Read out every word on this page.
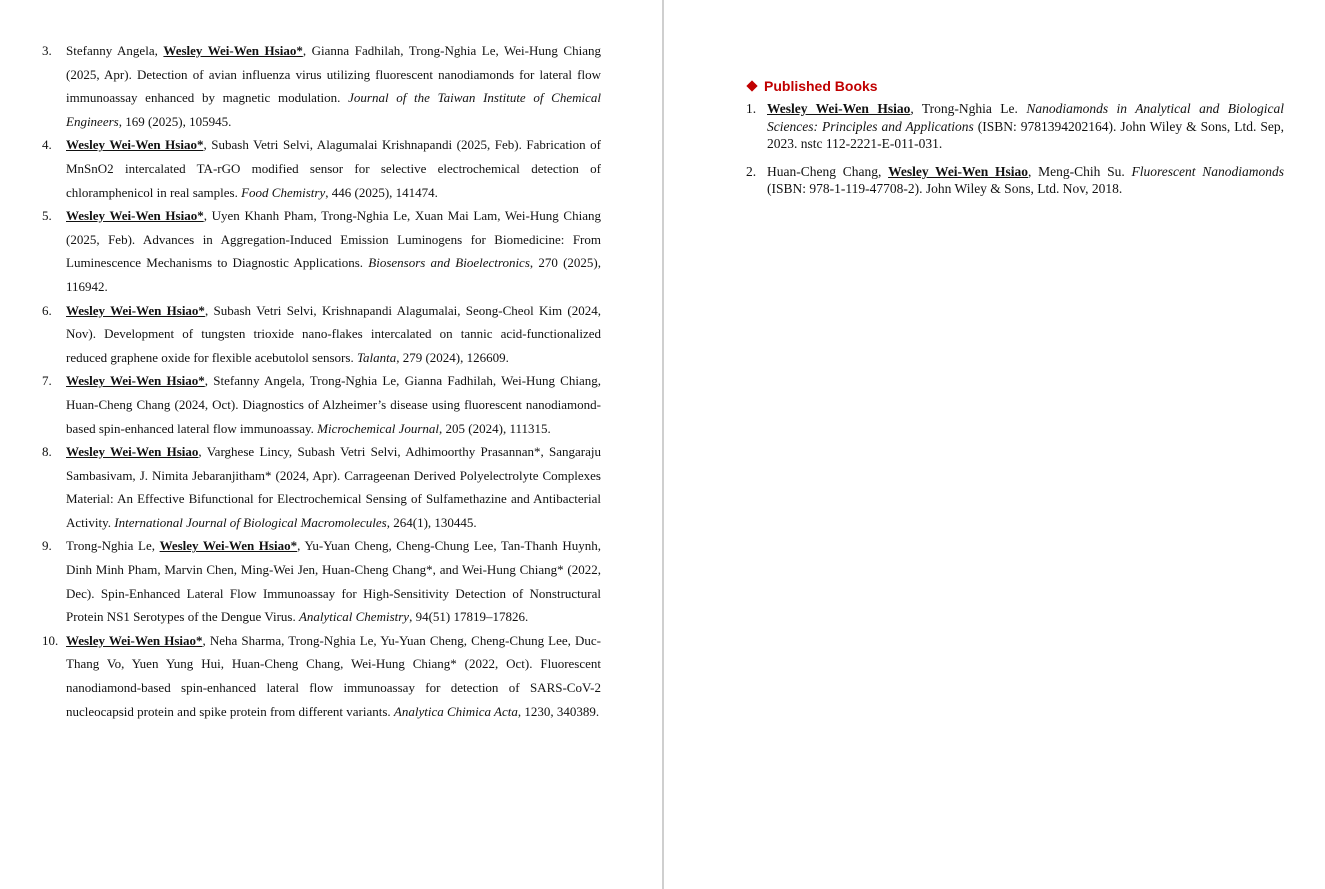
3. Stefanny Angela, Wesley Wei-Wen Hsiao*, Gianna Fadhilah, Trong-Nghia Le, Wei-Hung Chiang (2025, Apr). Detection of avian influenza virus utilizing fluorescent nanodiamonds for lateral flow immunoassay enhanced by magnetic modulation. Journal of the Taiwan Institute of Chemical Engineers, 169 (2025), 105945.
4. Wesley Wei-Wen Hsiao*, Subash Vetri Selvi, Alagumalai Krishnapandi (2025, Feb). Fabrication of MnSnO2 intercalated TA-rGO modified sensor for selective electrochemical detection of chloramphenicol in real samples. Food Chemistry, 446 (2025), 141474.
5. Wesley Wei-Wen Hsiao*, Uyen Khanh Pham, Trong-Nghia Le, Xuan Mai Lam, Wei-Hung Chiang (2025, Feb). Advances in Aggregation-Induced Emission Luminogens for Biomedicine: From Luminescence Mechanisms to Diagnostic Applications. Biosensors and Bioelectronics, 270 (2025), 116942.
6. Wesley Wei-Wen Hsiao*, Subash Vetri Selvi, Krishnapandi Alagumalai, Seong-Cheol Kim (2024, Nov). Development of tungsten trioxide nano-flakes intercalated on tannic acid-functionalized reduced graphene oxide for flexible acebutolol sensors. Talanta, 279 (2024), 126609.
7. Wesley Wei-Wen Hsiao*, Stefanny Angela, Trong-Nghia Le, Gianna Fadhilah, Wei-Hung Chiang, Huan-Cheng Chang (2024, Oct). Diagnostics of Alzheimer’s disease using fluorescent nanodiamond-based spin-enhanced lateral flow immunoassay. Microchemical Journal, 205 (2024), 111315.
8. Wesley Wei-Wen Hsiao, Varghese Lincy, Subash Vetri Selvi, Adhimoorthy Prasannan*, Sangaraju Sambasivam, J. Nimita Jebaranjitham* (2024, Apr). Carrageenan Derived Polyelectrolyte Complexes Material: An Effective Bifunctional for Electrochemical Sensing of Sulfamethazine and Antibacterial Activity. International Journal of Biological Macromolecules, 264(1), 130445.
9. Trong-Nghia Le, Wesley Wei-Wen Hsiao*, Yu-Yuan Cheng, Cheng-Chung Lee, Tan-Thanh Huynh, Dinh Minh Pham, Marvin Chen, Ming-Wei Jen, Huan-Cheng Chang*, and Wei-Hung Chiang* (2022, Dec). Spin-Enhanced Lateral Flow Immunoassay for High-Sensitivity Detection of Nonstructural Protein NS1 Serotypes of the Dengue Virus. Analytical Chemistry, 94(51) 17819–17826.
10. Wesley Wei-Wen Hsiao*, Neha Sharma, Trong-Nghia Le, Yu-Yuan Cheng, Cheng-Chung Lee, Duc-Thang Vo, Yuen Yung Hui, Huan-Cheng Chang, Wei-Hung Chiang* (2022, Oct). Fluorescent nanodiamond-based spin-enhanced lateral flow immunoassay for detection of SARS-CoV-2 nucleocapsid protein and spike protein from different variants. Analytica Chimica Acta, 1230, 340389.
Published Books
1. Wesley Wei-Wen Hsiao, Trong-Nghia Le. Nanodiamonds in Analytical and Biological Sciences: Principles and Applications (ISBN: 9781394202164). John Wiley & Sons, Ltd. Sep, 2023. nstc 112-2221-E-011-031.
2. Huan-Cheng Chang, Wesley Wei-Wen Hsiao, Meng-Chih Su. Fluorescent Nanodiamonds (ISBN: 978-1-119-47708-2). John Wiley & Sons, Ltd. Nov, 2018.
